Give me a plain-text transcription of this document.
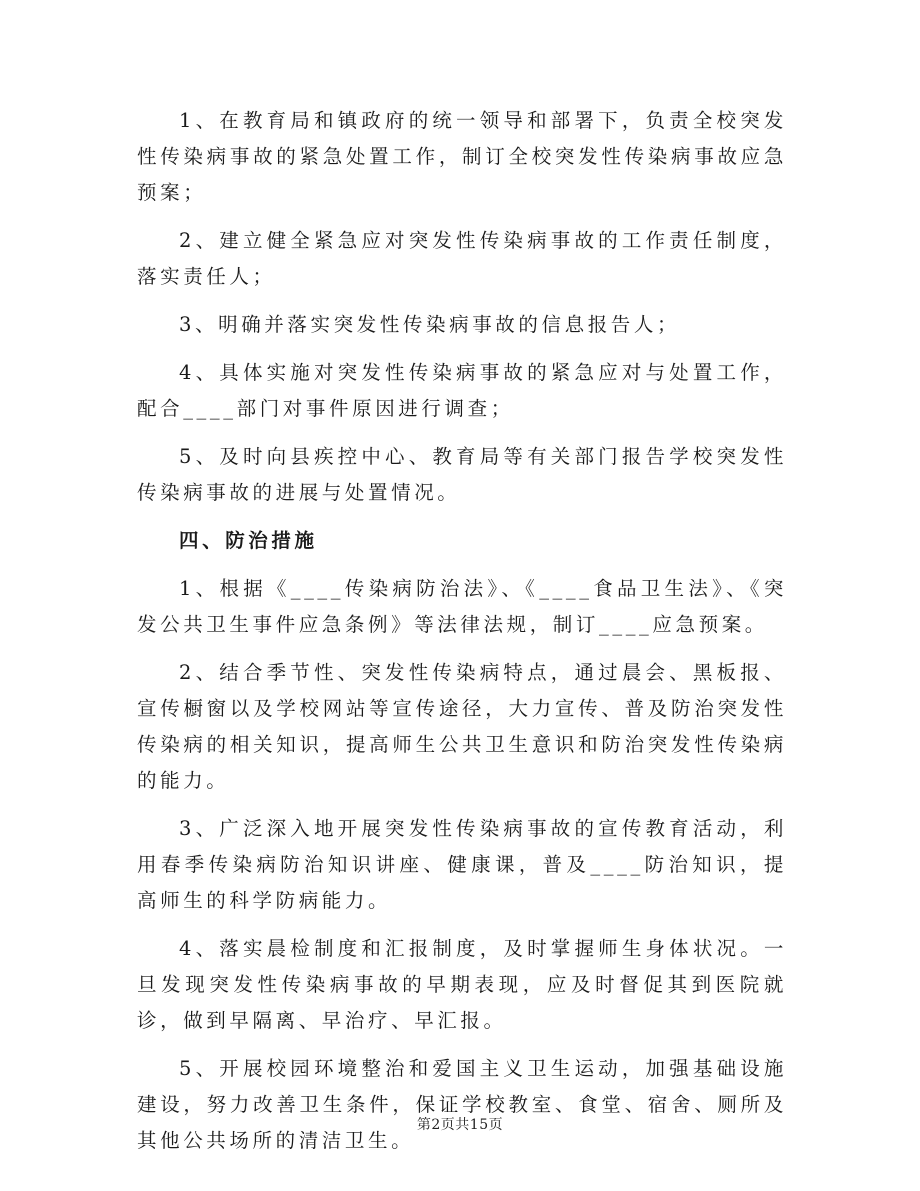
1、在教育局和镇政府的统一领导和部署下，负责全校突发性传染病事故的紧急处置工作，制订全校突发性传染病事故应急预案；

2、建立健全紧急应对突发性传染病事故的工作责任制度，落实责任人；

3、明确并落实突发性传染病事故的信息报告人；

4、具体实施对突发性传染病事故的紧急应对与处置工作，配合____部门对事件原因进行调查；

5、及时向县疾控中心、教育局等有关部门报告学校突发性传染病事故的进展与处置情况。

四、防治措施

1、根据《____传染病防治法》、《____食品卫生法》、《突发公共卫生事件应急条例》等法律法规，制订____应急预案。

2、结合季节性、突发性传染病特点，通过晨会、黑板报、宣传橱窗以及学校网站等宣传途径，大力宣传、普及防治突发性传染病的相关知识，提高师生公共卫生意识和防治突发性传染病的能力。

3、广泛深入地开展突发性传染病事故的宣传教育活动，利用春季传染病防治知识讲座、健康课，普及____防治知识，提高师生的科学防病能力。

4、落实晨检制度和汇报制度，及时掌握师生身体状况。一旦发现突发性传染病事故的早期表现，应及时督促其到医院就诊，做到早隔离、早治疗、早汇报。

5、开展校园环境整治和爱国主义卫生运动，加强基础设施建设，努力改善卫生条件，保证学校教室、食堂、宿舍、厕所及其他公共场所的清洁卫生。

第2页共15页
